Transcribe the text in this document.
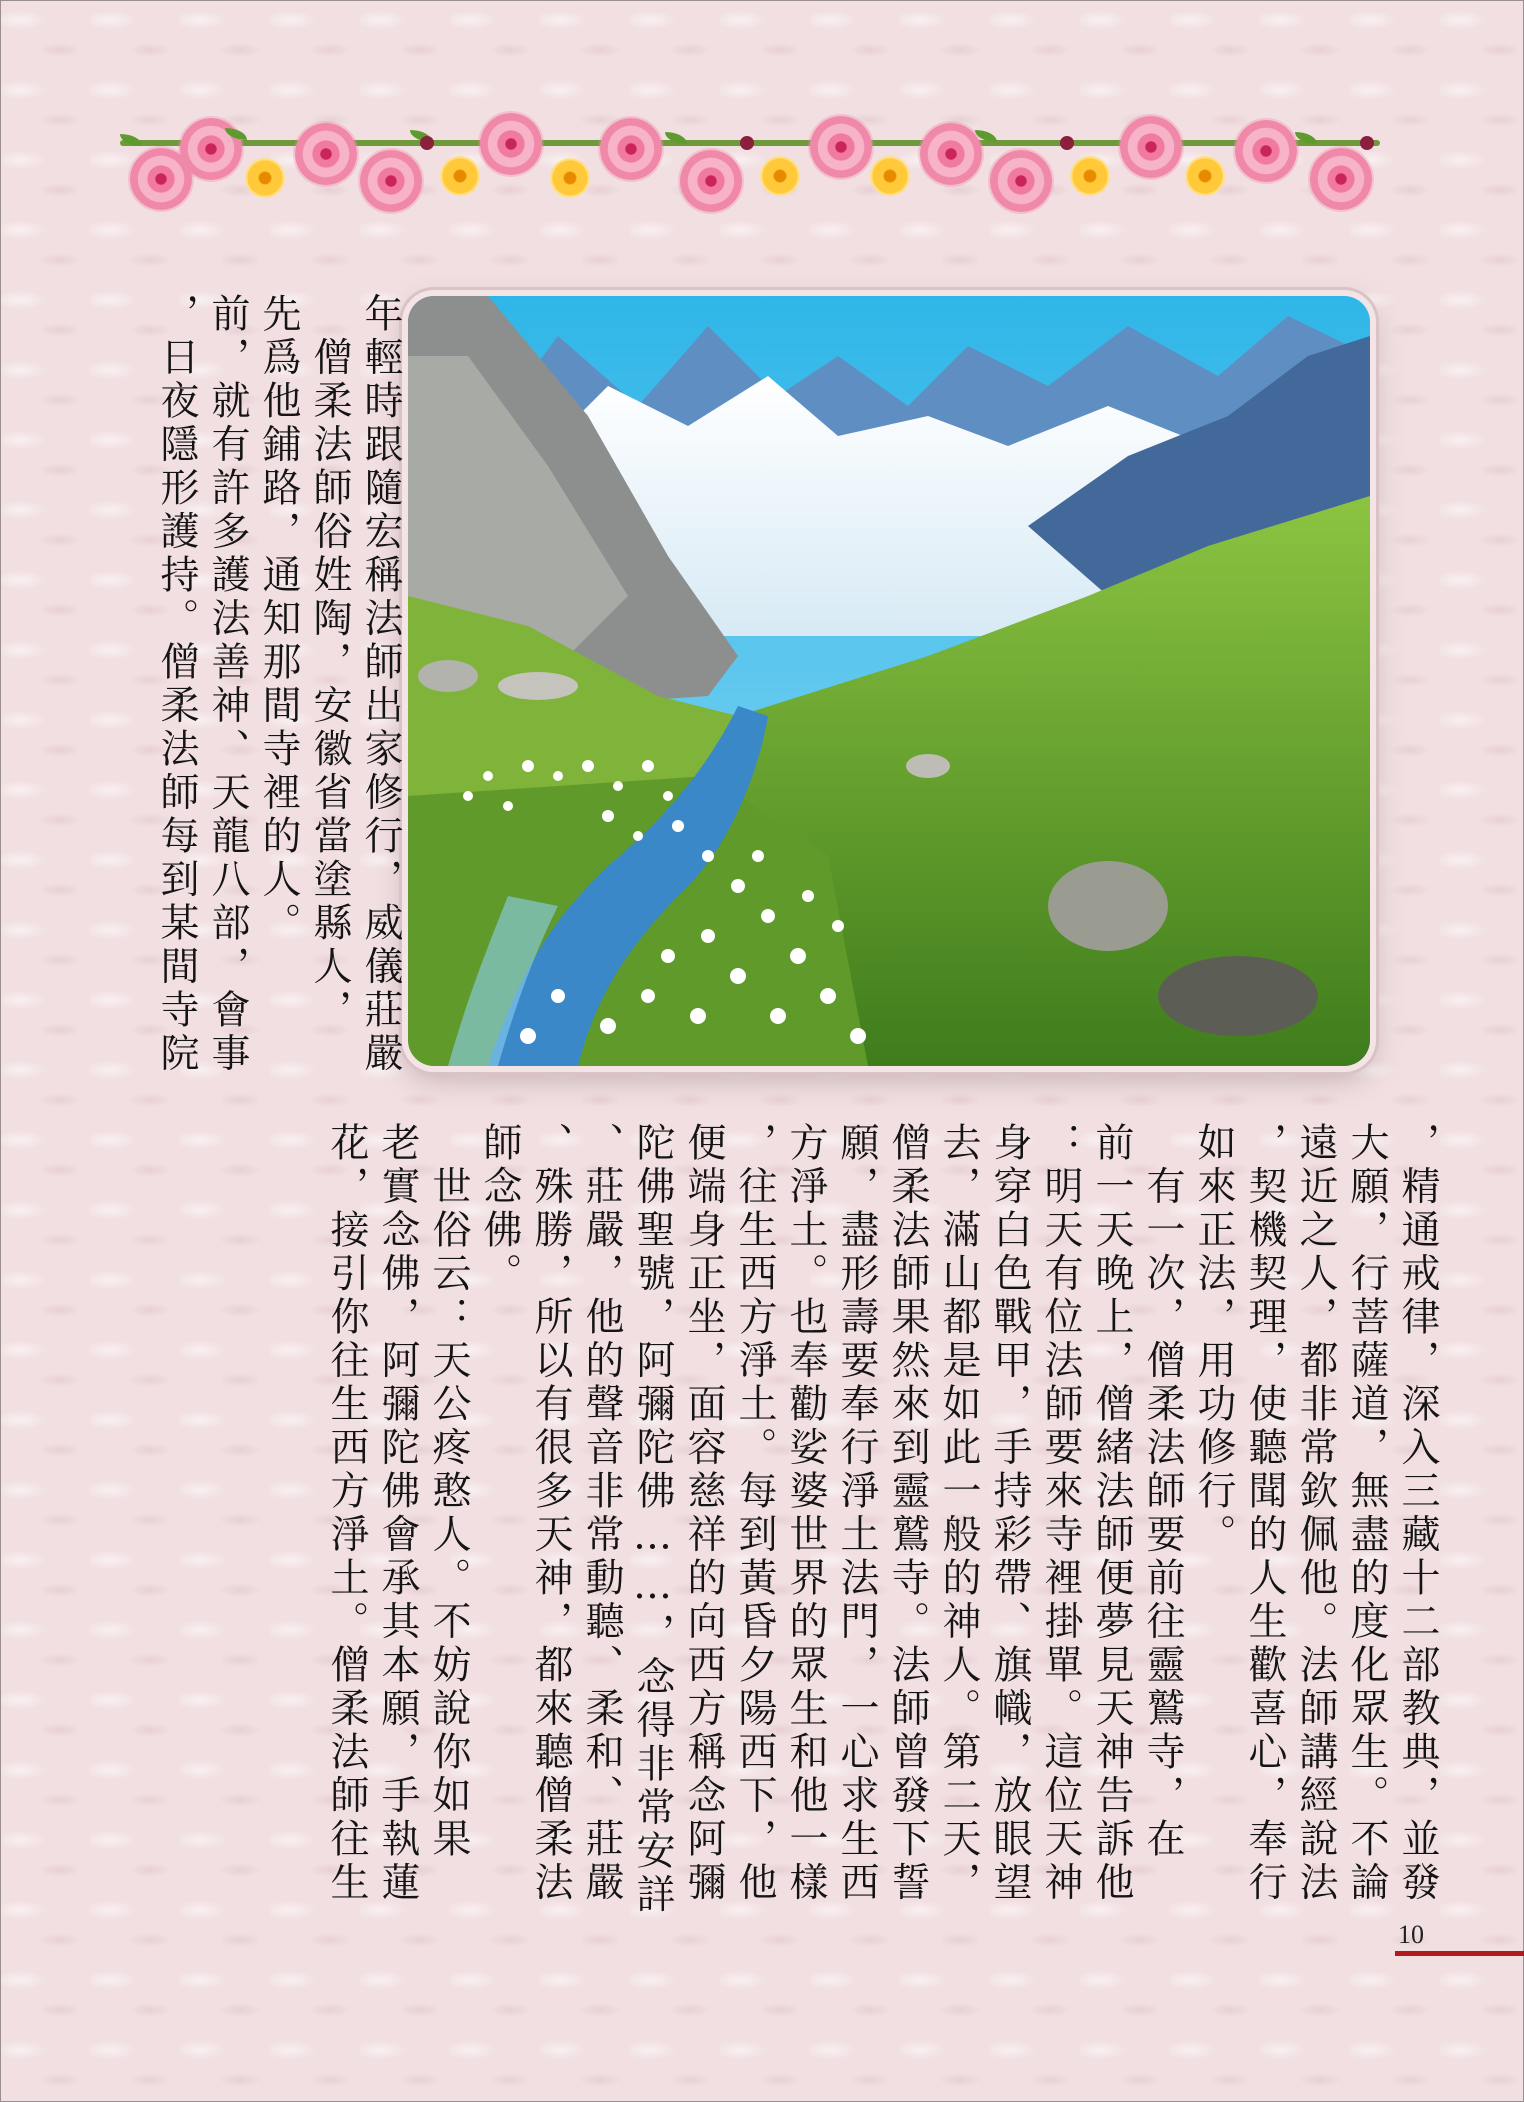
年輕時跟隨宏稱法師出家修行，威儀莊嚴
　僧柔法師俗姓陶，安徽省當塗縣人，
先爲他鋪路，通知那間寺裡的人。
前，就有許多護法善神、天龍八部，會事
，日夜隱形護持。僧柔法師每到某間寺院

，精通戒律，深入三藏十二部教典，並發
大願，行菩薩道，無盡的度化眾生。不論
遠近之人，都非常欽佩他。法師講經說法
，契機契理，使聽聞的人生歡喜心，奉行
如來正法，用功修行。
　有一次，僧柔法師要前往靈鷲寺，在
前一天晚上，僧緒法師便夢見天神告訴他
：明天有位法師要來寺裡掛單。這位天神
身穿白色戰甲，手持彩帶、旗幟，放眼望
去，滿山都是如此一般的神人。第二天，
僧柔法師果然來到靈鷲寺。法師曾發下誓
願，盡形壽要奉行淨土法門，一心求生西
方淨土。也奉勸娑婆世界的眾生和他一樣
，往生西方淨土。每到黃昏夕陽西下，他
便端身正坐，面容慈祥的向西方稱念阿彌
陀佛聖號，阿彌陀佛……，念得非常安詳
、莊嚴，他的聲音非常動聽、柔和、莊嚴
、殊勝，所以有很多天神，都來聽僧柔法
師念佛。
　世俗云：天公疼憨人。不妨說你如果
老實念佛，阿彌陀佛會承其本願，手執蓮
花，接引你往生西方淨土。僧柔法師往生

10
